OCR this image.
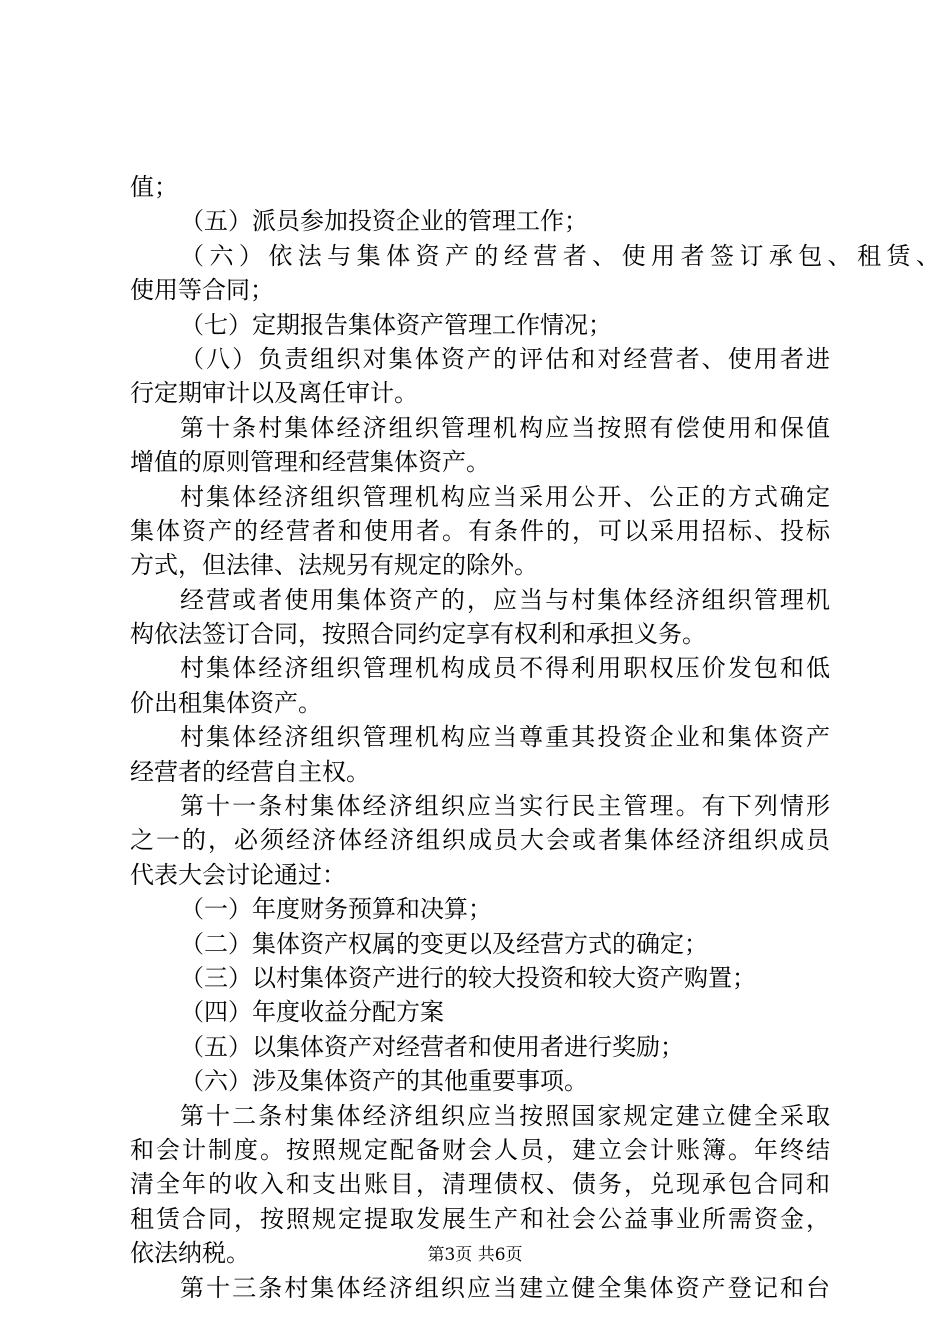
值；
（五）派员参加投资企业的管理工作；
（六）依法与集体资产的经营者、使用者签订承包、租赁、
使用等合同；
（七）定期报告集体资产管理工作情况；
（八）负责组织对集体资产的评估和对经营者、使用者进
行定期审计以及离任审计。
第十条村集体经济组织管理机构应当按照有偿使用和保值
增值的原则管理和经营集体资产。
村集体经济组织管理机构应当采用公开、公正的方式确定
集体资产的经营者和使用者。有条件的，可以采用招标、投标
方式，但法律、法规另有规定的除外。
经营或者使用集体资产的，应当与村集体经济组织管理机
构依法签订合同，按照合同约定享有权利和承担义务。
村集体经济组织管理机构成员不得利用职权压价发包和低
价出租集体资产。
村集体经济组织管理机构应当尊重其投资企业和集体资产
经营者的经营自主权。
第十一条村集体经济组织应当实行民主管理。有下列情形
之一的，必须经济体经济组织成员大会或者集体经济组织成员
代表大会讨论通过：
（一）年度财务预算和决算；
（二）集体资产权属的变更以及经营方式的确定；
（三）以村集体资产进行的较大投资和较大资产购置；
（四）年度收益分配方案
（五）以集体资产对经营者和使用者进行奖励；
（六）涉及集体资产的其他重要事项。
第十二条村集体经济组织应当按照国家规定建立健全采取
和会计制度。按照规定配备财会人员，建立会计账簿。年终结
清全年的收入和支出账目，清理债权、债务，兑现承包合同和
租赁合同，按照规定提取发展生产和社会公益事业所需资金，
依法纳税。
第十三条村集体经济组织应当建立健全集体资产登记和台
第3页 共6页
